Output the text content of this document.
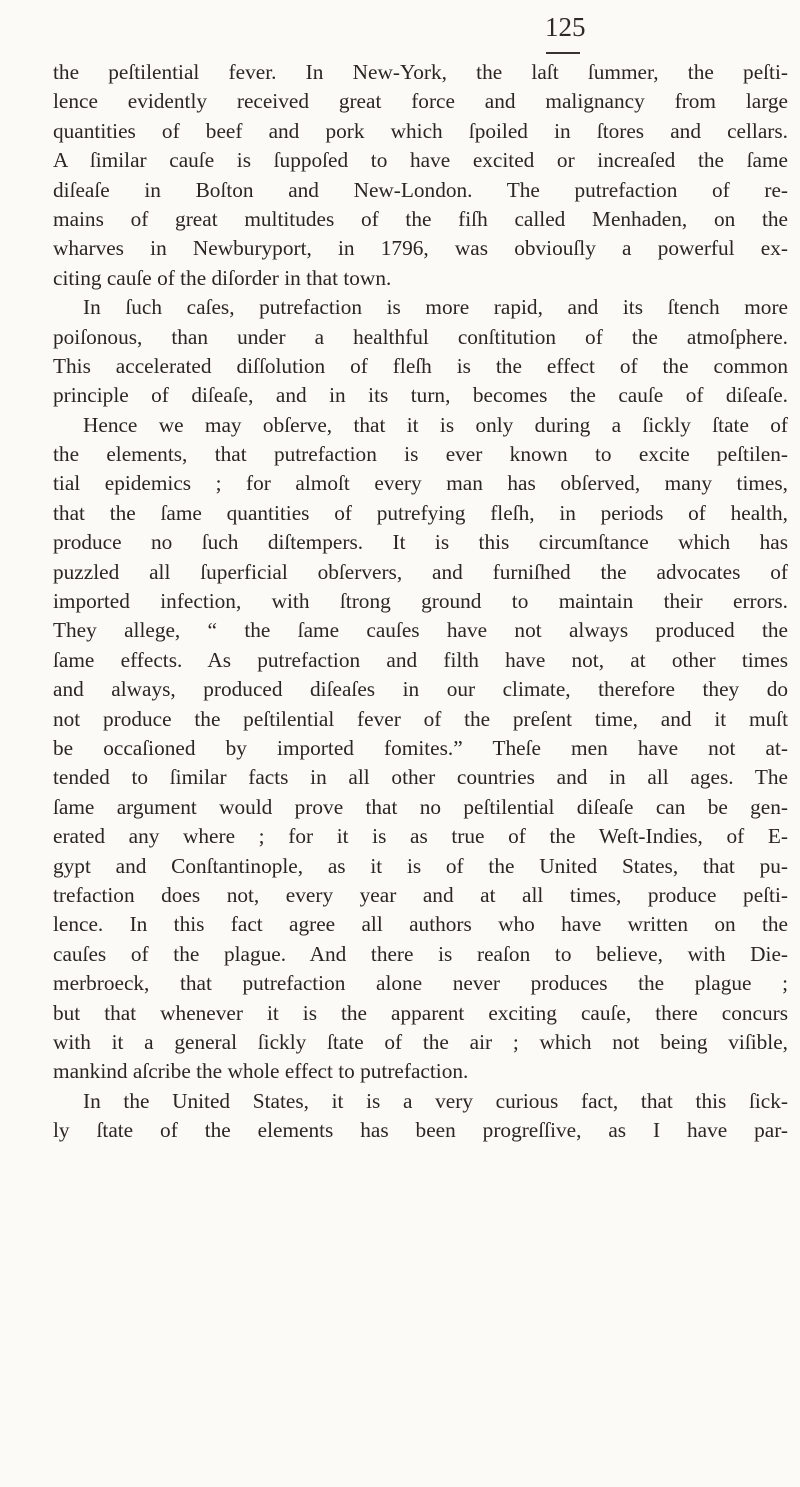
125
the peſtilential fever. In New-York, the laſt ſummer, the peſti-
lence evidently received great force and malignancy from large
quantities of beef and pork which ſpoiled in ſtores and cellars.
A ſimilar cauſe is ſuppoſed to have excited or increaſed the ſame
diſeaſe in Boſton and New-London. The putrefaction of re-
mains of great multitudes of the fiſh called Menhaden, on the
wharves in Newburyport, in 1796, was obviouſly a powerful ex-
citing cauſe of the diſorder in that town.
In ſuch caſes, putrefaction is more rapid, and its ſtench more
poiſonous, than under a healthful conſtitution of the atmoſphere.
This accelerated diſſolution of fleſh is the effect of the common
principle of diſeaſe, and in its turn, becomes the cauſe of diſeaſe.
Hence we may obſerve, that it is only during a ſickly ſtate of
the elements, that putrefaction is ever known to excite peſtilen-
tial epidemics ; for almoſt every man has obſerved, many times,
that the ſame quantities of putrefying fleſh, in periods of health,
produce no ſuch diſtempers. It is this circumſtance which has
puzzled all ſuperficial obſervers, and furniſhed the advocates of
imported infection, with ſtrong ground to maintain their errors.
They allege, “ the ſame cauſes have not always produced the
ſame effects. As putrefaction and filth have not, at other times
and always, produced diſeaſes in our climate, therefore they do
not produce the peſtilential fever of the preſent time, and it muſt
be occaſioned by imported fomites.” Theſe men have not at-
tended to ſimilar facts in all other countries and in all ages. The
ſame argument would prove that no peſtilential diſeaſe can be gen-
erated any where ; for it is as true of the Weſt-Indies, of E-
gypt and Conſtantinople, as it is of the United States, that pu-
trefaction does not, every year and at all times, produce peſti-
lence. In this fact agree all authors who have written on the
cauſes of the plague. And there is reaſon to believe, with Die-
merbroeck, that putrefaction alone never produces the plague ;
but that whenever it is the apparent exciting cauſe, there concurs
with it a general ſickly ſtate of the air ; which not being viſible,
mankind aſcribe the whole effect to putrefaction.
In the United States, it is a very curious fact, that this ſick-
ly ſtate of the elements has been progreſſive, as I have par-
